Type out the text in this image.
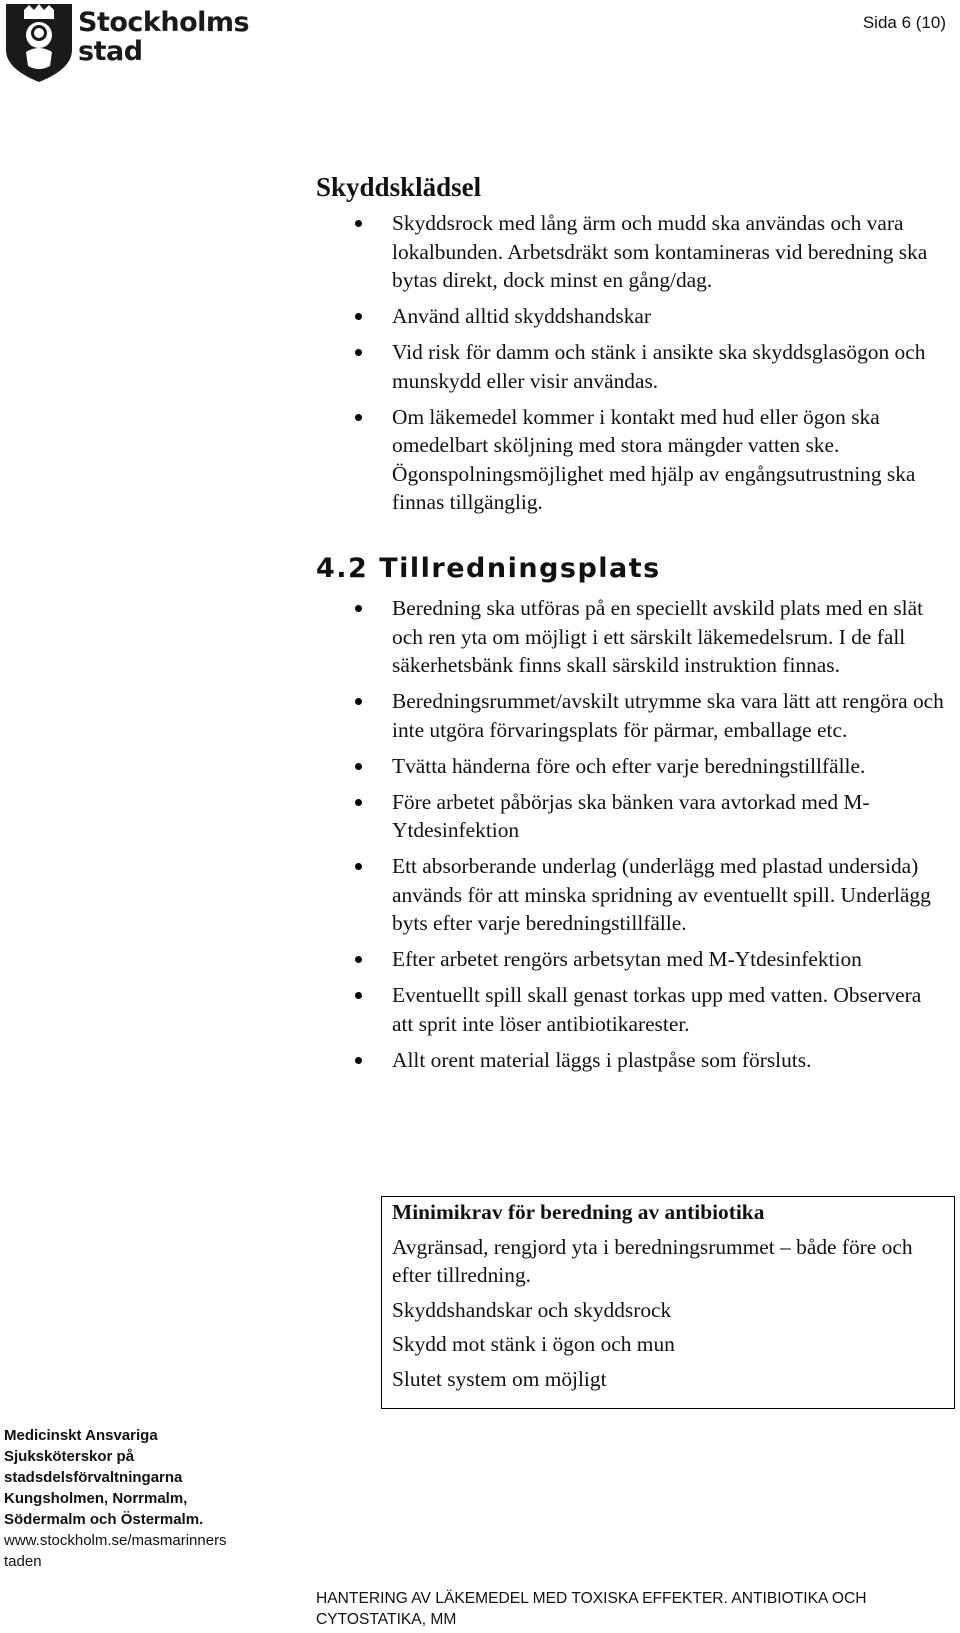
Stockholms
stad
Sida 6 (10)
Skyddsklädsel
Skyddsrock med lång ärm och mudd ska användas och vara lokalbunden. Arbetsdräkt som kontamineras vid beredning ska bytas direkt, dock minst en gång/dag.
Använd alltid skyddshandskar
Vid risk för damm och stänk i ansikte ska skyddsglasögon och munskydd eller visir användas.
Om läkemedel kommer i kontakt med hud eller ögon ska omedelbart sköljning med stora mängder vatten ske. Ögonspolningsmöjlighet med hjälp av engångsutrustning ska finnas tillgänglig.
4.2 Tillredningsplats
Beredning ska utföras på en speciellt avskild plats med en slät och ren yta om möjligt i ett särskilt läkemedelsrum. I de fall säkerhetsbänk finns skall särskild instruktion finnas.
Beredningsrummet/avskilt utrymme ska vara lätt att rengöra och inte utgöra förvaringsplats för pärmar, emballage etc.
Tvätta händerna före och efter varje beredningstillfälle.
Före arbetet påbörjas ska bänken vara avtorkad med M-Ytdesinfektion
Ett absorberande underlag (underlägg med plastad undersida) används för att minska spridning av eventuellt spill. Underlägg byts efter varje beredningstillfälle.
Efter arbetet rengörs arbetsytan med M-Ytdesinfektion
Eventuellt spill skall genast torkas upp med vatten. Observera att sprit inte löser antibiotikarester.
Allt orent material läggs i plastpåse som försluts.
Minimikrav för beredning av antibiotika
Avgränsad, rengjord yta i beredningsrummet – både före och efter tillredning.
Skyddshandskar och skyddsrock
Skydd mot stänk i ögon och mun
Slutet system om möjligt
Medicinskt Ansvariga
Sjuksköterskor på
stadsdelsförvaltningarna
Kungsholmen, Norrmalm,
Södermalm och Östermalm.
www.stockholm.se/masmarinners
taden
HANTERING AV LÄKEMEDEL MED TOXISKA EFFEKTER. ANTIBIOTIKA OCH
CYTOSTATIKA, MM
